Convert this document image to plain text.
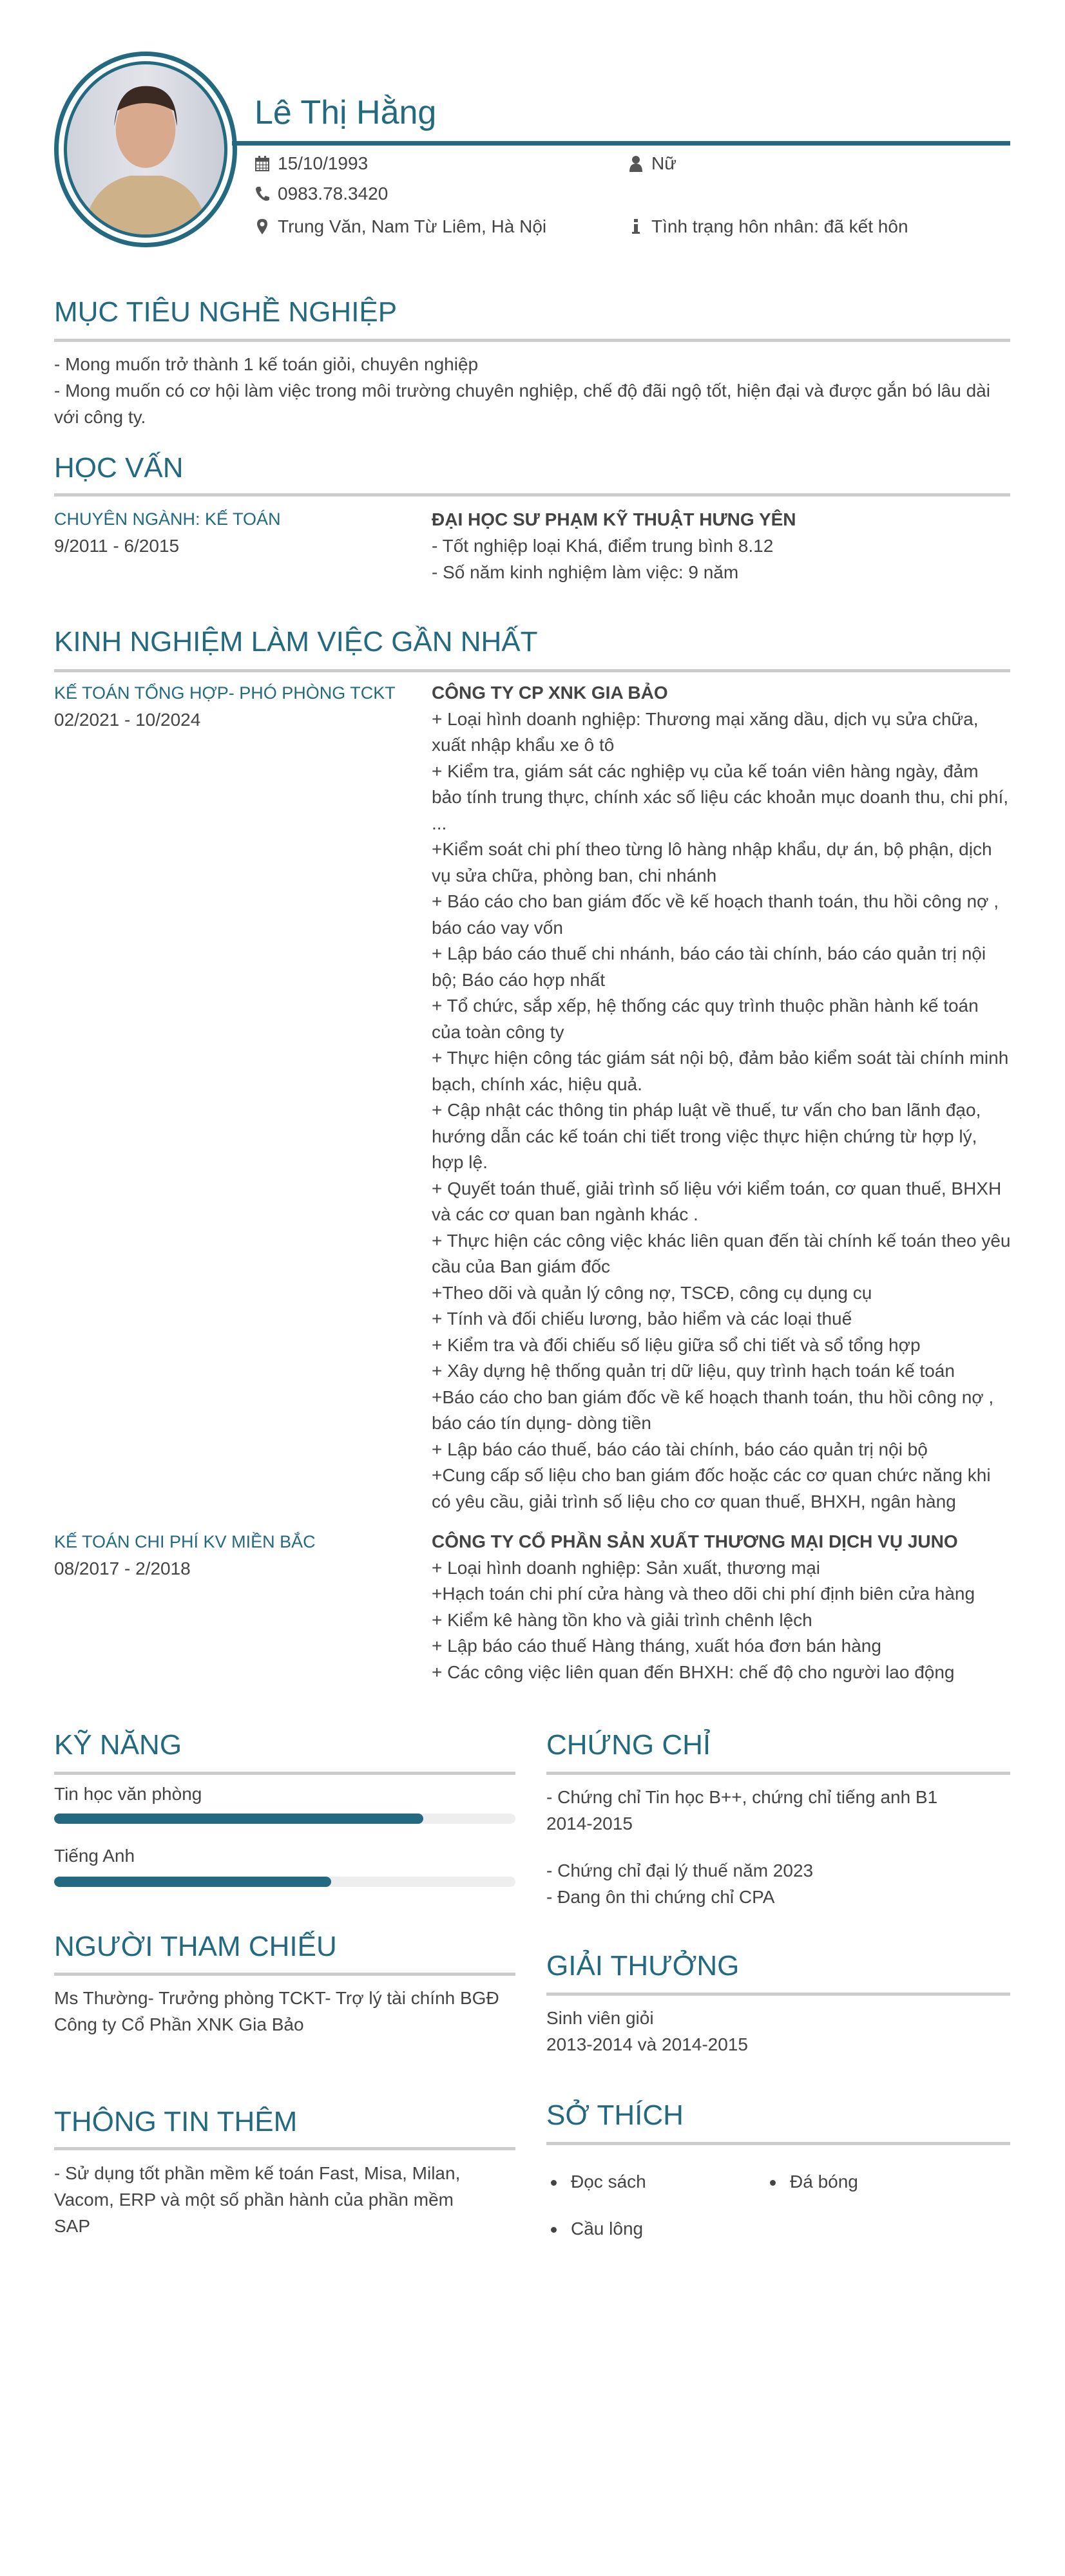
Lê Thị Hằng
15/10/1993	Nữ
0983.78.3420
Trung Văn, Nam Từ Liêm, Hà Nội	Tình trạng hôn nhân: đã kết hôn
MỤC TIÊU NGHỀ NGHIỆP
- Mong muốn trở thành 1 kế toán giỏi, chuyên nghiệp
- Mong muốn có cơ hội làm việc trong môi trường chuyên nghiệp, chế độ đãi ngộ tốt, hiện đại và được gắn bó lâu dài với công ty.
HỌC VẤN
CHUYÊN NGÀNH: KẾ TOÁN
9/2011 - 6/2015
ĐẠI HỌC SƯ PHẠM KỸ THUẬT HƯNG YÊN
- Tốt nghiệp loại Khá, điểm trung bình 8.12
- Số năm kinh nghiệm làm việc: 9 năm
KINH NGHIỆM LÀM VIỆC GẦN NHẤT
KẾ TOÁN TỔNG HỢP- PHÓ PHÒNG TCKT
02/2021 - 10/2024
CÔNG TY CP XNK GIA BẢO
+ Loại hình doanh nghiệp: Thương mại xăng dầu, dịch vụ sửa chữa, xuất nhập khẩu xe ô tô
+ Kiểm tra, giám sát các nghiệp vụ của kế toán viên hàng ngày, đảm bảo tính trung thực, chính xác số liệu các khoản mục doanh thu, chi phí, ...
+Kiểm soát chi phí theo từng lô hàng nhập khẩu, dự án, bộ phận, dịch vụ sửa chữa, phòng ban, chi nhánh
+ Báo cáo cho ban giám đốc về kế hoạch thanh toán, thu hồi công nợ , báo cáo vay vốn
+ Lập báo cáo thuế chi nhánh, báo cáo tài chính, báo cáo quản trị nội bộ; Báo cáo hợp nhất
+ Tổ chức, sắp xếp, hệ thống các quy trình thuộc phần hành kế toán của toàn công ty
+ Thực hiện công tác giám sát nội bộ, đảm bảo kiểm soát tài chính minh bạch, chính xác, hiệu quả.
+ Cập nhật các thông tin pháp luật về thuế, tư vấn cho ban lãnh đạo, hướng dẫn các kế toán chi tiết trong việc thực hiện chứng từ hợp lý, hợp lệ.
+ Quyết toán thuế, giải trình số liệu với kiểm toán, cơ quan thuế, BHXH và các cơ quan ban ngành khác .
+ Thực hiện các công việc khác liên quan đến tài chính kế toán theo yêu cầu của Ban giám đốc
+Theo dõi và quản lý công nợ, TSCĐ, công cụ dụng cụ
+ Tính và đối chiếu lương, bảo hiểm và các loại thuế
+ Kiểm tra và đối chiếu số liệu giữa sổ chi tiết và sổ tổng hợp
+ Xây dựng hệ thống quản trị dữ liệu, quy trình hạch toán kế toán
+Báo cáo cho ban giám đốc về kế hoạch thanh toán, thu hồi công nợ , báo cáo tín dụng- dòng tiền
+ Lập báo cáo thuế, báo cáo tài chính, báo cáo quản trị nội bộ
+Cung cấp số liệu cho ban giám đốc hoặc các cơ quan chức năng khi có yêu cầu, giải trình số liệu cho cơ quan thuế, BHXH, ngân hàng
KẾ TOÁN CHI PHÍ KV MIỀN BẮC
08/2017 - 2/2018
CÔNG TY CỔ PHẦN SẢN XUẤT THƯƠNG MẠI DỊCH VỤ JUNO
+ Loại hình doanh nghiệp: Sản xuất, thương mại
+Hạch toán chi phí cửa hàng và theo dõi chi phí định biên cửa hàng
+ Kiểm kê hàng tồn kho và giải trình chênh lệch
+ Lập báo cáo thuế Hàng tháng, xuất hóa đơn bán hàng
+ Các công việc liên quan đến BHXH: chế độ cho người lao động
KỸ NĂNG
Tin học văn phòng
Tiếng Anh
CHỨNG CHỈ
- Chứng chỉ Tin học B++, chứng chỉ tiếng anh B1
2014-2015
- Chứng chỉ đại lý thuế năm 2023
- Đang ôn thi chứng chỉ CPA
NGƯỜI THAM CHIẾU
Ms Thường- Trưởng phòng TCKT- Trợ lý tài chính BGĐ
Công ty Cổ Phần XNK Gia Bảo
GIẢI THƯỞNG
Sinh viên giỏi
2013-2014 và 2014-2015
THÔNG TIN THÊM
- Sử dụng tốt phần mềm kế toán Fast, Misa, Milan, Vacom, ERP và một số phần hành của phần mềm SAP
SỞ THÍCH
Đọc sách	Đá bóng
Cầu lông
